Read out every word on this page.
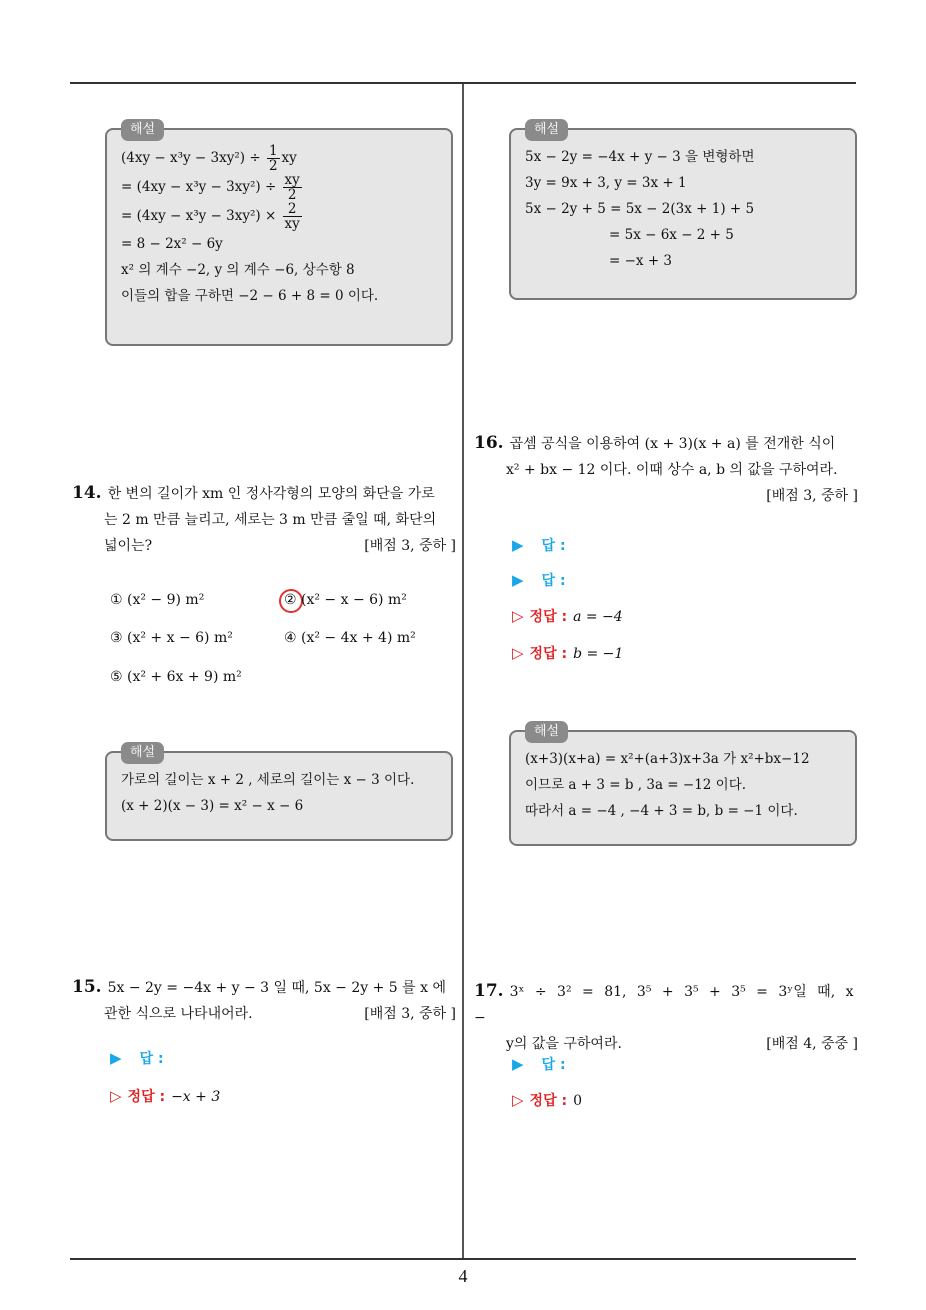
해설
$(4xy - x^3y - 3xy^2) \div \frac{1}{2}$ xy
= $(4xy - x^3y - 3xy^2) \div \frac{xy}{2}$
= $(4xy - x^3y - 3xy^2) \times \frac{2}{xy}$
= 8 − 2x² − 6y
x² 의 계수 −2, y 의 계수 −6, 상수항 8
이들의 합을 구하면 −2 − 6 + 8 = 0 이다.
해설
5x − 2y = −4x + y − 3 을 변형하면
3y = 9x + 3, y = 3x + 1
5x − 2y + 5 = 5x − 2(3x + 1) + 5
= 5x − 6x − 2 + 5
= −x + 3
14. 한 변의 길이가 xm 인 정사각형의 모양의 화단을 가로
는 2 m 만큼 늘리고, 세로는 3 m 만큼 줄일 때, 화단의
넓이는?	[배점 3, 중하 ]
① (x² − 9) m²	② (x² − x − 6) m²
③ (x² + x − 6) m²	④ (x² − 4x + 4) m²
⑤ (x² + 6x + 9) m²
해설
가로의 길이는 x + 2 , 세로의 길이는 x − 3 이다.
(x + 2)(x − 3) = x² − x − 6
15. 5x − 2y = −4x + y − 3 일 때, 5x − 2y + 5 를 x 에
관한 식으로 나타내어라.	[배점 3, 중하 ]
▶ 답 :
▷ 정답 : −x + 3
16. 곱셈 공식을 이용하여 (x + 3)(x + a) 를 전개한 식이
x² + bx − 12 이다. 이때 상수 a, b 의 값을 구하여라.
[배점 3, 중하 ]
▶ 답 :
▶ 답 :
▷ 정답 : a = −4
▷ 정답 : b = −1
해설
(x+3)(x+a) = x²+(a+3)x+3a 가 x²+bx−12
이므로 a + 3 = b , 3a = −12 이다.
따라서 a = −4 , −4 + 3 = b, b = −1 이다.
17. 3ˣ ÷ 3² = 81, 3⁵ + 3⁵ + 3⁵ = 3ʸ일 때, x −
y의 값을 구하여라.	[배점 4, 중중 ]
▶ 답 :
▷ 정답 : 0
4
